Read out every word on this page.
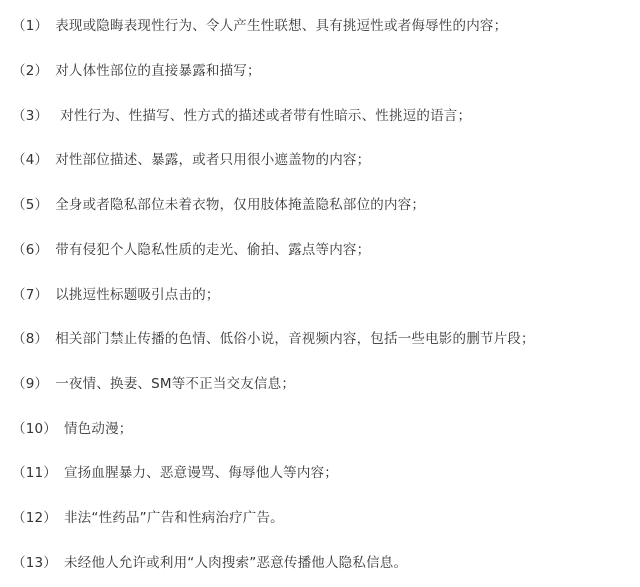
（1） 表现或隐晦表现性行为、令人产生性联想、具有挑逗性或者侮辱性的内容；
（2） 对人体性部位的直接暴露和描写；
（3） 对性行为、性描写、性方式的描述或者带有性暗示、性挑逗的语言；
（4） 对性部位描述、暴露，或者只用很小遮盖物的内容；
（5） 全身或者隐私部位未着衣物，仅用肢体掩盖隐私部位的内容；
（6） 带有侵犯个人隐私性质的走光、偷拍、露点等内容；
（7） 以挑逗性标题吸引点击的；
（8） 相关部门禁止传播的色情、低俗小说，音视频内容，包括一些电影的删节片段；
（9） 一夜情、换妻、SM等不正当交友信息；
（10） 情色动漫；
（11） 宣扬血腥暴力、恶意谩骂、侮辱他人等内容；
（12） 非法“性药品”广告和性病治疗广告。
（13） 未经他人允许或利用“人肉搜索”恶意传播他人隐私信息。
